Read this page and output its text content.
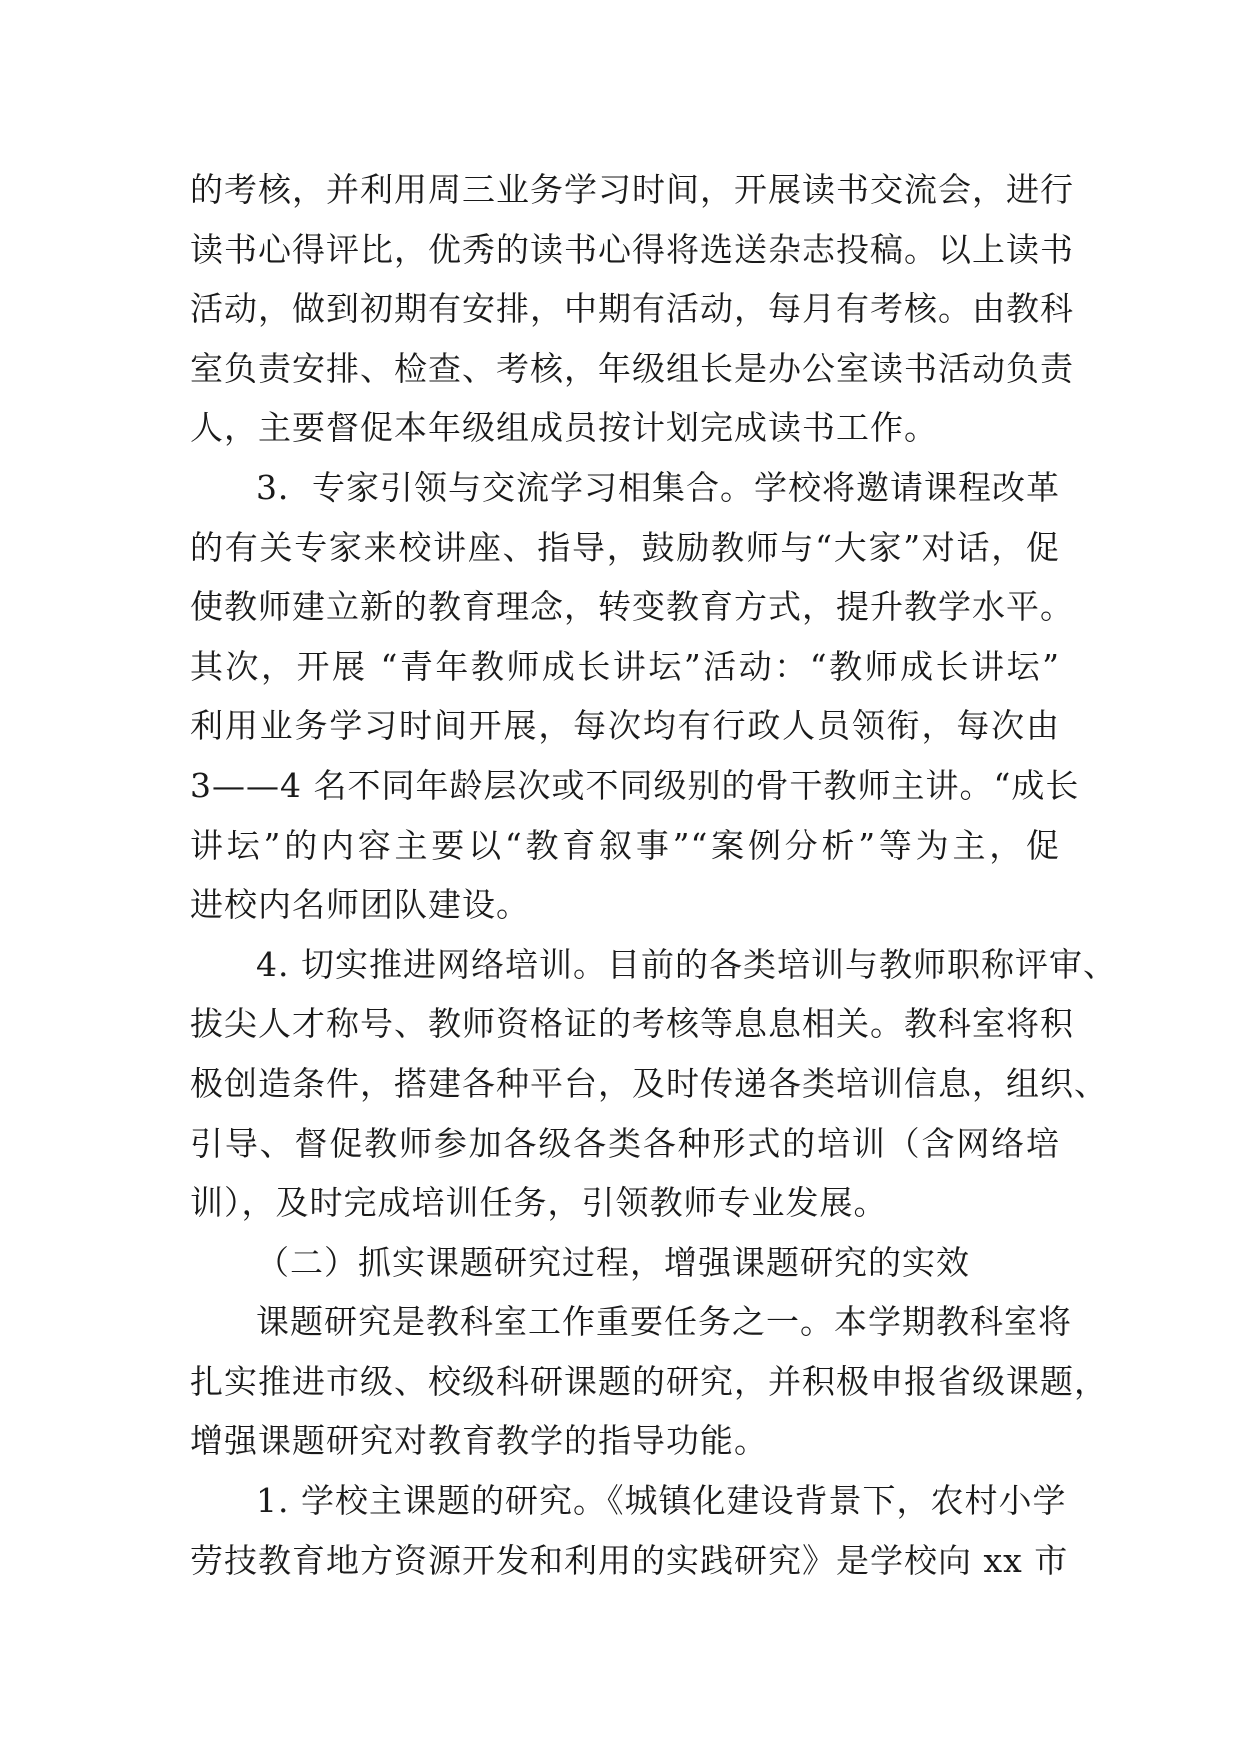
的考核，并利用周三业务学习时间，开展读书交流会，进行
读书心得评比，优秀的读书心得将选送杂志投稿。以上读书
活动，做到初期有安排，中期有活动，每月有考核。由教科
室负责安排、检查、考核，年级组长是办公室读书活动负责
人，主要督促本年级组成员按计划完成读书工作。
3．专家引领与交流学习相集合。学校将邀请课程改革
的有关专家来校讲座、指导，鼓励教师与“大家”对话，促
使教师建立新的教育理念，转变教育方式，提升教学水平。
其次，开展 “青年教师成长讲坛”活动：“教师成长讲坛”
利用业务学习时间开展，每次均有行政人员领衔，每次由
3——4 名不同年龄层次或不同级别的骨干教师主讲。“成长
讲坛”的内容主要以“教育叙事”“案例分析”等为主，促
进校内名师团队建设。
4. 切实推进网络培训。目前的各类培训与教师职称评审、
拔尖人才称号、教师资格证的考核等息息相关。教科室将积
极创造条件，搭建各种平台，及时传递各类培训信息，组织、
引导、督促教师参加各级各类各种形式的培训（含网络培
训），及时完成培训任务，引领教师专业发展。
（二）抓实课题研究过程，增强课题研究的实效
课题研究是教科室工作重要任务之一。本学期教科室将
扎实推进市级、校级科研课题的研究，并积极申报省级课题，
增强课题研究对教育教学的指导功能。
1. 学校主课题的研究。《城镇化建设背景下，农村小学
劳技教育地方资源开发和利用的实践研究》是学校向 xx 市
